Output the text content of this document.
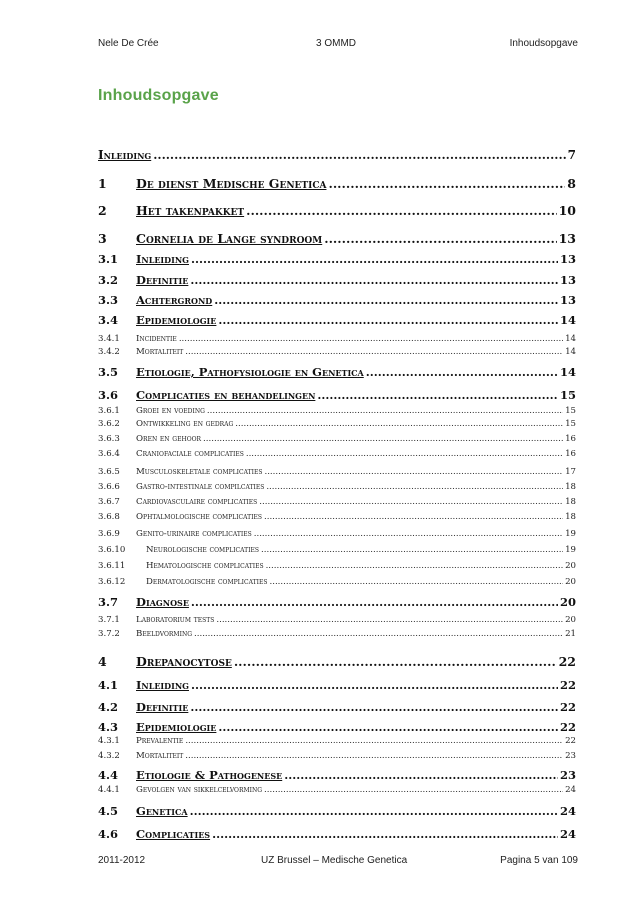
Nele De Crée	3 OMMD	Inhoudsopgave
Inhoudsopgave
Inleiding .....	7
1	De dienst Medische Genetica .....	8
2	Het takenpakket .....	10
3	Cornelia de Lange syndroom .....	13
3.1	Inleiding .....	13
3.2	Definitie .....	13
3.3	Achtergrond .....	13
3.4	Epidemiologie .....	14
3.4.1	Incidentie .....	14
3.4.2	Mortaliteit .....	14
3.5	Etiologie, Pathofysiologie en Genetica .....	14
3.6	Complicaties en behandelingen .....	15
3.6.1	Groei en voeding .....	15
3.6.2	Ontwikkeling en gedrag .....	15
3.6.3	Oren en gehoor .....	16
3.6.4	Craniofaciale complicaties .....	16
3.6.5	Musculoskeletale complicaties .....	17
3.6.6	Gastro-intestinale compilcaties .....	18
3.6.7	Cardiovasculaire complicaties .....	18
3.6.8	Ophtalmologische complicaties .....	18
3.6.9	Genito-urinaire complicaties .....	19
3.6.10	Neurologische complicaties .....	19
3.6.11	Hematologische complicaties .....	20
3.6.12	Dermatologische complicaties .....	20
3.7	Diagnose .....	20
3.7.1	Laboratorium tests .....	20
3.7.2	Beeldvorming .....	21
4	Drepanocytose .....	22
4.1	Inleiding .....	22
4.2	Definitie .....	22
4.3	Epidemiologie .....	22
4.3.1	Prevalentie .....	22
4.3.2	Mortaliteit .....	23
4.4	Etiologie & Pathogenese .....	23
4.4.1	Gevolgen van sikkelcelvorming .....	24
4.5	Genetica .....	24
4.6	Complicaties .....	24
2011-2012	UZ Brussel – Medische Genetica	Pagina 5 van 109
